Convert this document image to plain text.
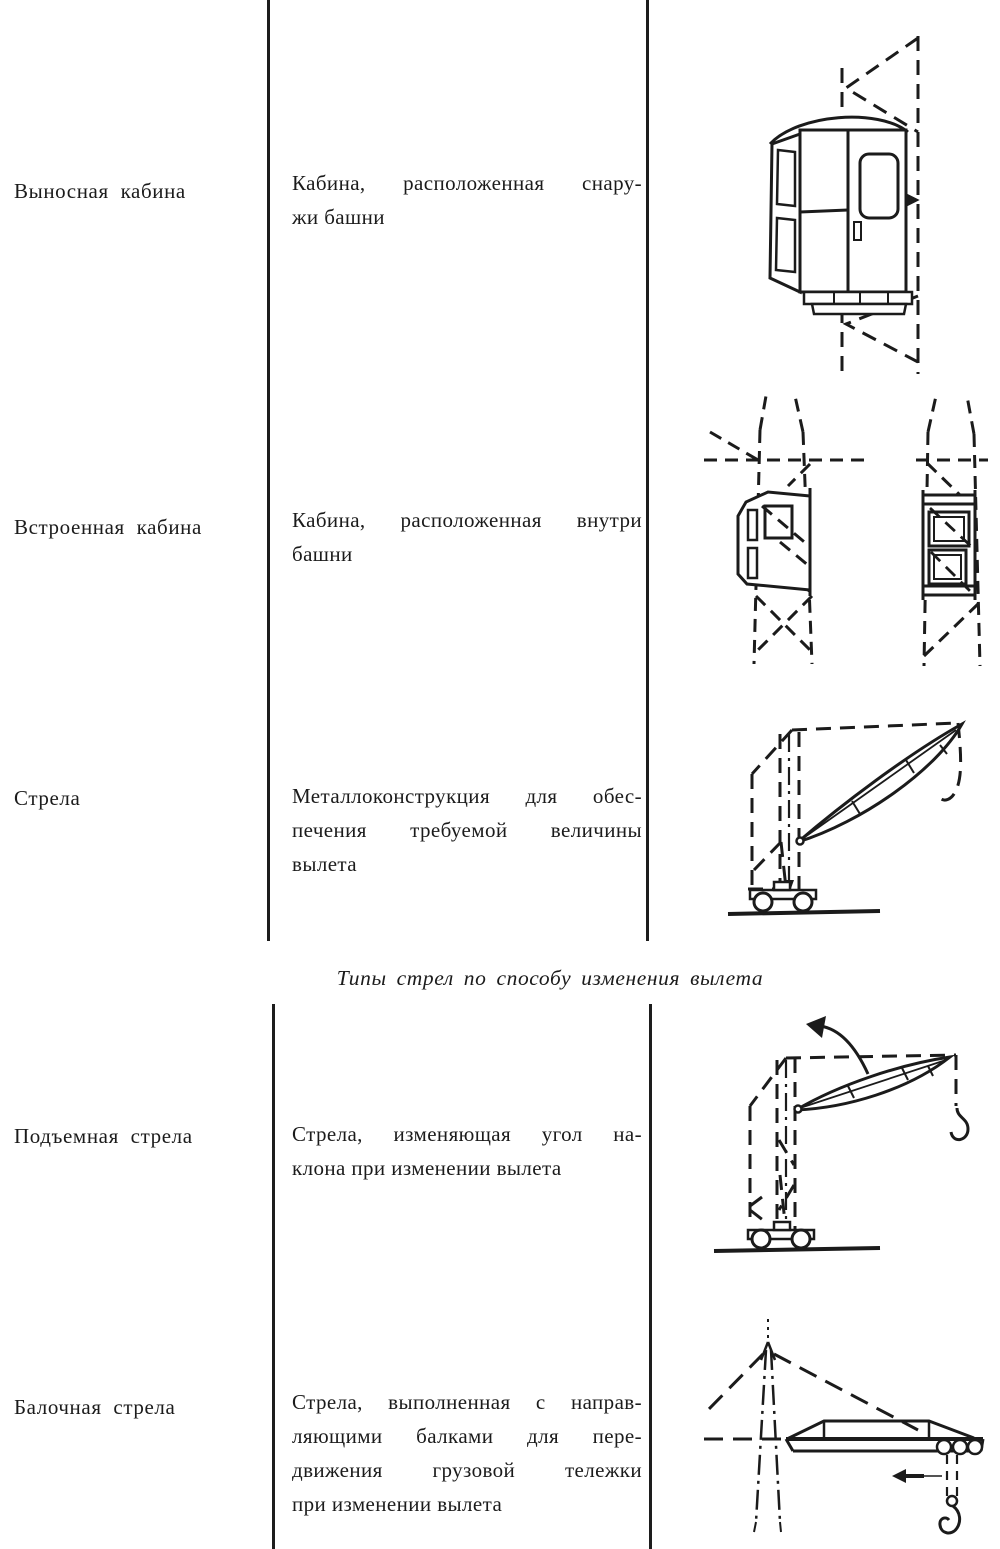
Выносная кабина	Кабина, расположенная снару-
жи башни
Встроенная кабина	Кабина, расположенная внутри
башни
Стрела	Металлоконструкция для обес-
печения требуемой величины
вылета
Типы стрел по способу изменения вылета
Подъемная стрела	Стрела, изменяющая угол на-
клона при изменении вылета
Балочная стрела	Стрела, выполненная с направ-
ляющими балками для пере-
движения грузовой тележки
при изменении вылета
